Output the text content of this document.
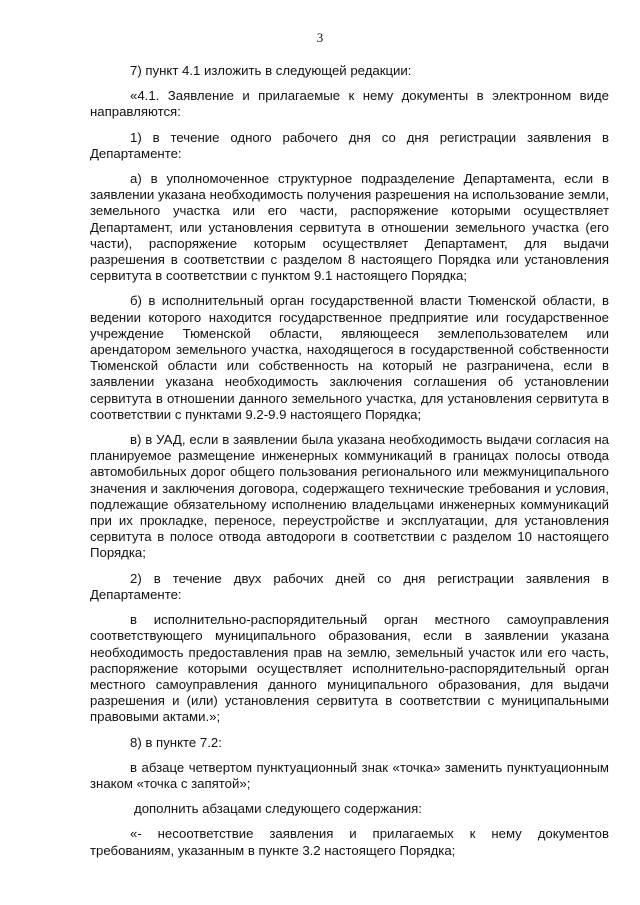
3

7) пункт 4.1 изложить в следующей редакции:

«4.1. Заявление и прилагаемые к нему документы в электронном виде направляются:

1) в течение одного рабочего дня со дня регистрации заявления в Департаменте:

а) в уполномоченное структурное подразделение Департамента, если в заявлении указана необходимость получения разрешения на использование земли, земельного участка или его части, распоряжение которыми осуществляет Департамент, или установления сервитута в отношении земельного участка (его части), распоряжение которым осуществляет Департамент, для выдачи разрешения в соответствии с разделом 8 настоящего Порядка или установления сервитута в соответствии с пунктом 9.1 настоящего Порядка;

б) в исполнительный орган государственной власти Тюменской области, в ведении которого находится государственное предприятие или государственное учреждение Тюменской области, являющееся землепользователем или арендатором земельного участка, находящегося в государственной собственности Тюменской области или собственность на который не разграничена, если в заявлении указана необходимость заключения соглашения об установлении сервитута в отношении данного земельного участка, для установления сервитута в соответствии с пунктами 9.2-9.9 настоящего Порядка;

в) в УАД, если в заявлении была указана необходимость выдачи согласия на планируемое размещение инженерных коммуникаций в границах полосы отвода автомобильных дорог общего пользования регионального или межмуниципального значения и заключения договора, содержащего технические требования и условия, подлежащие обязательному исполнению владельцами инженерных коммуникаций при их прокладке, переносе, переустройстве и эксплуатации, для установления сервитута в полосе отвода автодороги в соответствии с разделом 10 настоящего Порядка;

2) в течение двух рабочих дней со дня регистрации заявления в Департаменте:

в исполнительно-распорядительный орган местного самоуправления соответствующего муниципального образования, если в заявлении указана необходимость предоставления прав на землю, земельный участок или его часть, распоряжение которыми осуществляет исполнительно-распорядительный орган местного самоуправления данного муниципального образования, для выдачи разрешения и (или) установления сервитута в соответствии с муниципальными правовыми актами.»;

8) в пункте 7.2:

в абзаце четвертом пунктуационный знак «точка» заменить пунктуационным знаком «точка с запятой»;

дополнить абзацами следующего содержания:

«- несоответствие заявления и прилагаемых к нему документов требованиям, указанным в пункте 3.2 настоящего Порядка;
